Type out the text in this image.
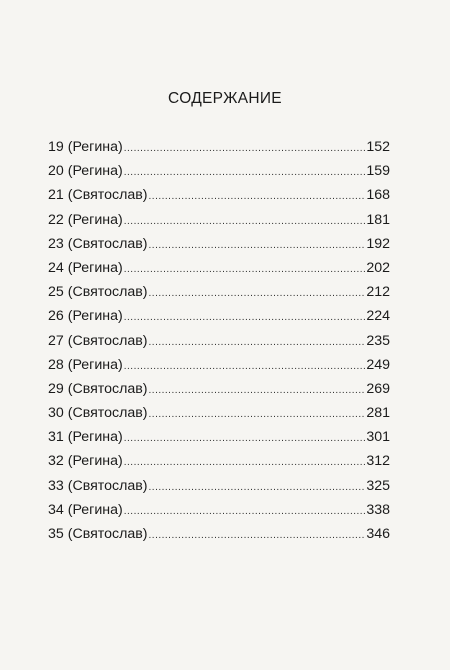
СОДЕРЖАНИЕ
19 (Регина) .....	152
20 (Регина) .....	159
21 (Святослав) .....	168
22 (Регина) .....	181
23 (Святослав) .....	192
24 (Регина) .....	202
25 (Святослав) .....	212
26 (Регина) .....	224
27 (Святослав) .....	235
28 (Регина) .....	249
29 (Святослав) .....	269
30 (Святослав) .....	281
31 (Регина) .....	301
32 (Регина) .....	312
33 (Святослав) .....	325
34 (Регина) .....	338
35 (Святослав) .....	346
